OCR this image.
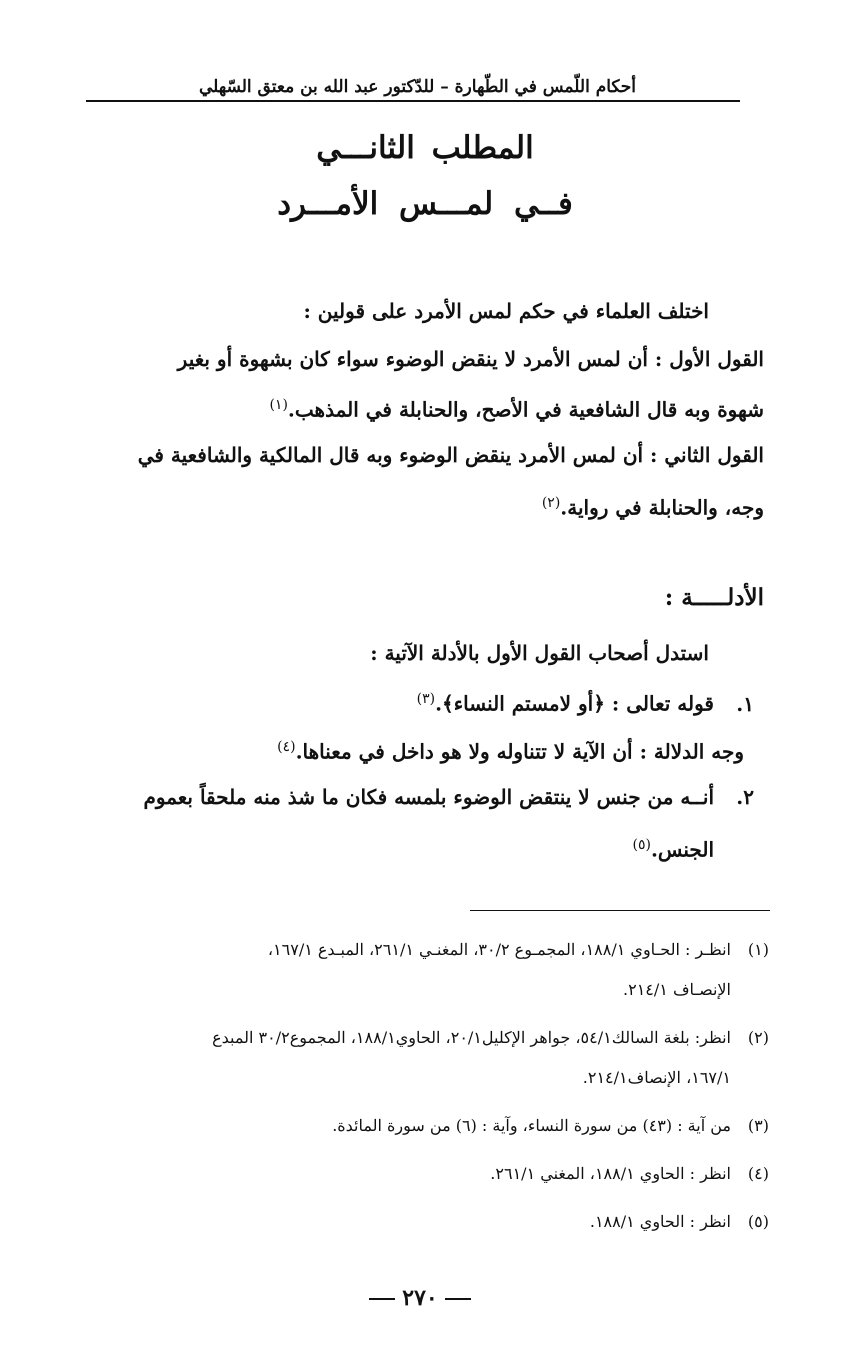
أحكام اللّمس في الطّهارة – للدّكتور عبد الله بن معتق السّهلي
المطلب الثانـــي
فــي لمـــس الأمـــرد
اختلف العلماء في حكم لمس الأمرد على قولين :
القول الأول : أن لمس الأمرد لا ينقض الوضوء سواء كان بشهوة أو بغير
شهوة وبه قال الشافعية في الأصح، والحنابلة في المذهب.$^{(١)}$
القول الثاني : أن لمس الأمرد ينقض الوضوء وبه قال المالكية والشافعية في
وجه، والحنابلة في رواية.$^{(٢)}$
الأدلـــــة :
استدل أصحاب القول الأول بالأدلة الآتية :
١.قوله تعالى : ﴿أو لامستم النساء﴾.$^{(٣)}$
وجه الدلالة : أن الآية لا تتناوله ولا هو داخل في معناها.$^{(٤)}$
٢.أنــه من جنس لا ينتقض الوضوء بلمسه فكان ما شذ منه ملحقاً بعموم
الجنس.$^{(٥)}$
(١)انظـر : الحـاوي ١٨٨/١، المجمـوع ٣٠/٢، المغنـي ٢٦١/١، المبـدع ١٦٧/١،
الإنصـاف ٢١٤/١.
(٢)انظر: بلغة السالك٥٤/١، جواهر الإكليل٢٠/١، الحاوي١٨٨/١، المجموع٣٠/٢ المبدع
١٦٧/١، الإنصاف٢١٤/١.
(٣)من آية : (٤٣) من سورة النساء، وآية : (٦) من سورة المائدة.
(٤)انظر : الحاوي ١٨٨/١، المغني ٢٦١/١.
(٥)انظر : الحاوي ١٨٨/١.
٢٧٠
